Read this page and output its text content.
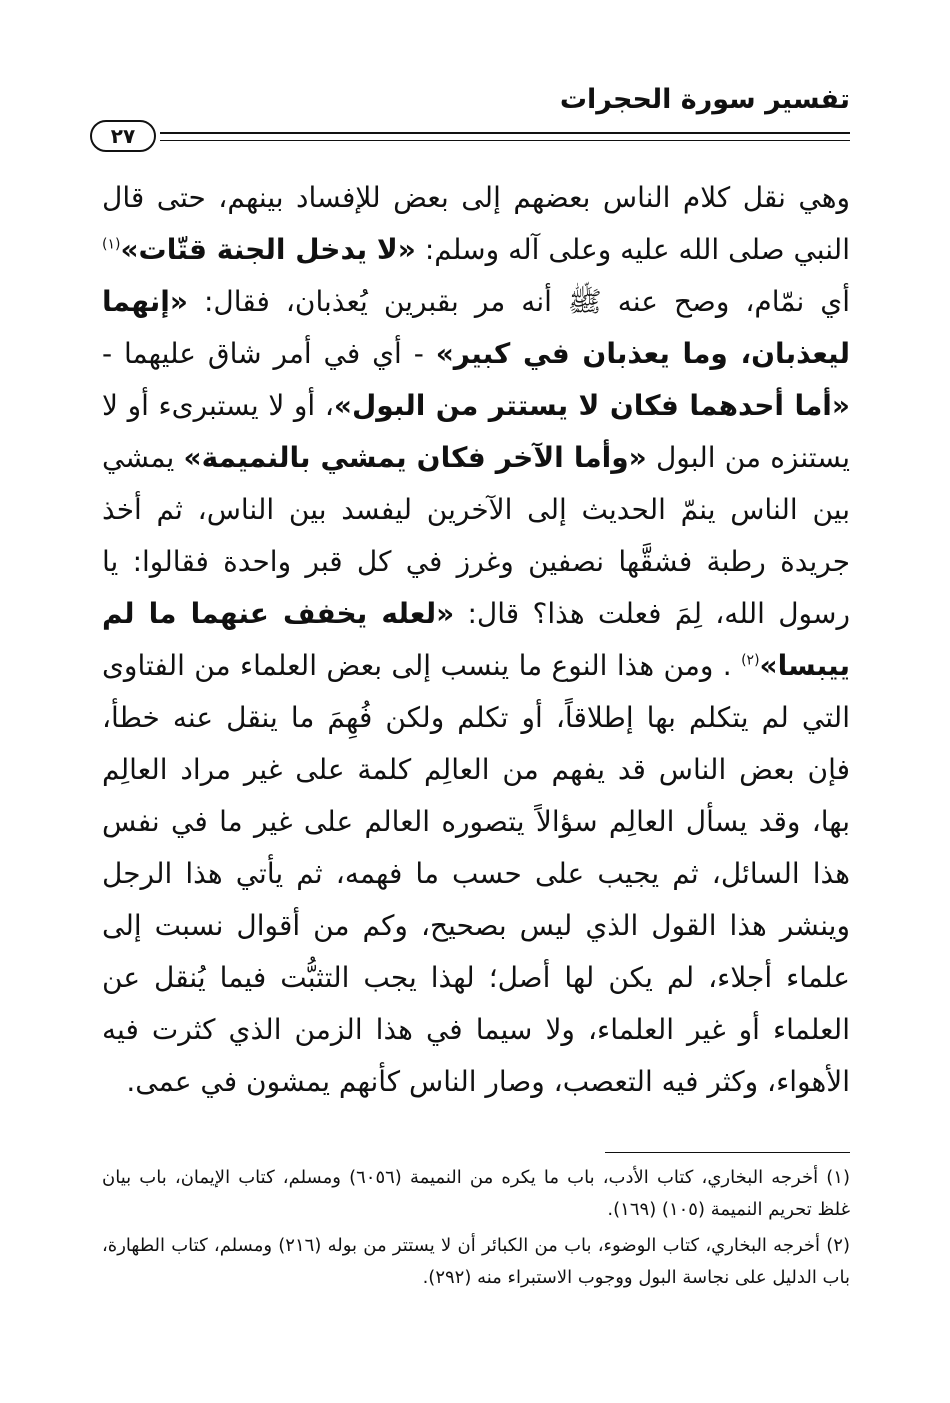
تفسير سورة الحجرات
٢٧
وهي نقل كلام الناس بعضهم إلى بعض للإفساد بينهم، حتى قال النبي صلى الله عليه وعلى آله وسلم: «لا يدخل الجنة قتّات»$^{(١)}$ أي نمّام، وصح عنه ﷺ أنه مر بقبرين يُعذبان، فقال: «إنهما ليعذبان، وما يعذبان في كبير» - أي في أمر شاق عليهما - «أما أحدهما فكان لا يستتر من البول»، أو لا يستبرىء أو لا يستنزه من البول «وأما الآخر فكان يمشي بالنميمة» يمشي بين الناس ينمّ الحديث إلى الآخرين ليفسد بين الناس، ثم أخذ جريدة رطبة فشقَّها نصفين وغرز في كل قبر واحدة فقالوا: يا رسول الله، لِمَ فعلت هذا؟ قال: «لعله يخفف عنهما ما لم ييبسا»$^{(٢)}$ . ومن هذا النوع ما ينسب إلى بعض العلماء من الفتاوى التي لم يتكلم بها إطلاقاً، أو تكلم ولكن فُهِمَ ما ينقل عنه خطأ، فإن بعض الناس قد يفهم من العالِم كلمة على غير مراد العالِم بها، وقد يسأل العالِم سؤالاً يتصوره العالم على غير ما في نفس هذا السائل، ثم يجيب على حسب ما فهمه، ثم يأتي هذا الرجل وينشر هذا القول الذي ليس بصحيح، وكم من أقوال نسبت إلى علماء أجلاء، لم يكن لها أصل؛ لهذا يجب التثبُّت فيما يُنقل عن العلماء أو غير العلماء، ولا سيما في هذا الزمن الذي كثرت فيه الأهواء، وكثر فيه التعصب، وصار الناس كأنهم يمشون في عمى.

(١) أخرجه البخاري، كتاب الأدب، باب ما يكره من النميمة (٦٠٥٦) ومسلم، كتاب الإيمان، باب بيان غلظ تحريم النميمة (١٠٥) (١٦٩).

(٢) أخرجه البخاري، كتاب الوضوء، باب من الكبائر أن لا يستتر من بوله (٢١٦) ومسلم، كتاب الطهارة، باب الدليل على نجاسة البول ووجوب الاستبراء منه (٢٩٢).
